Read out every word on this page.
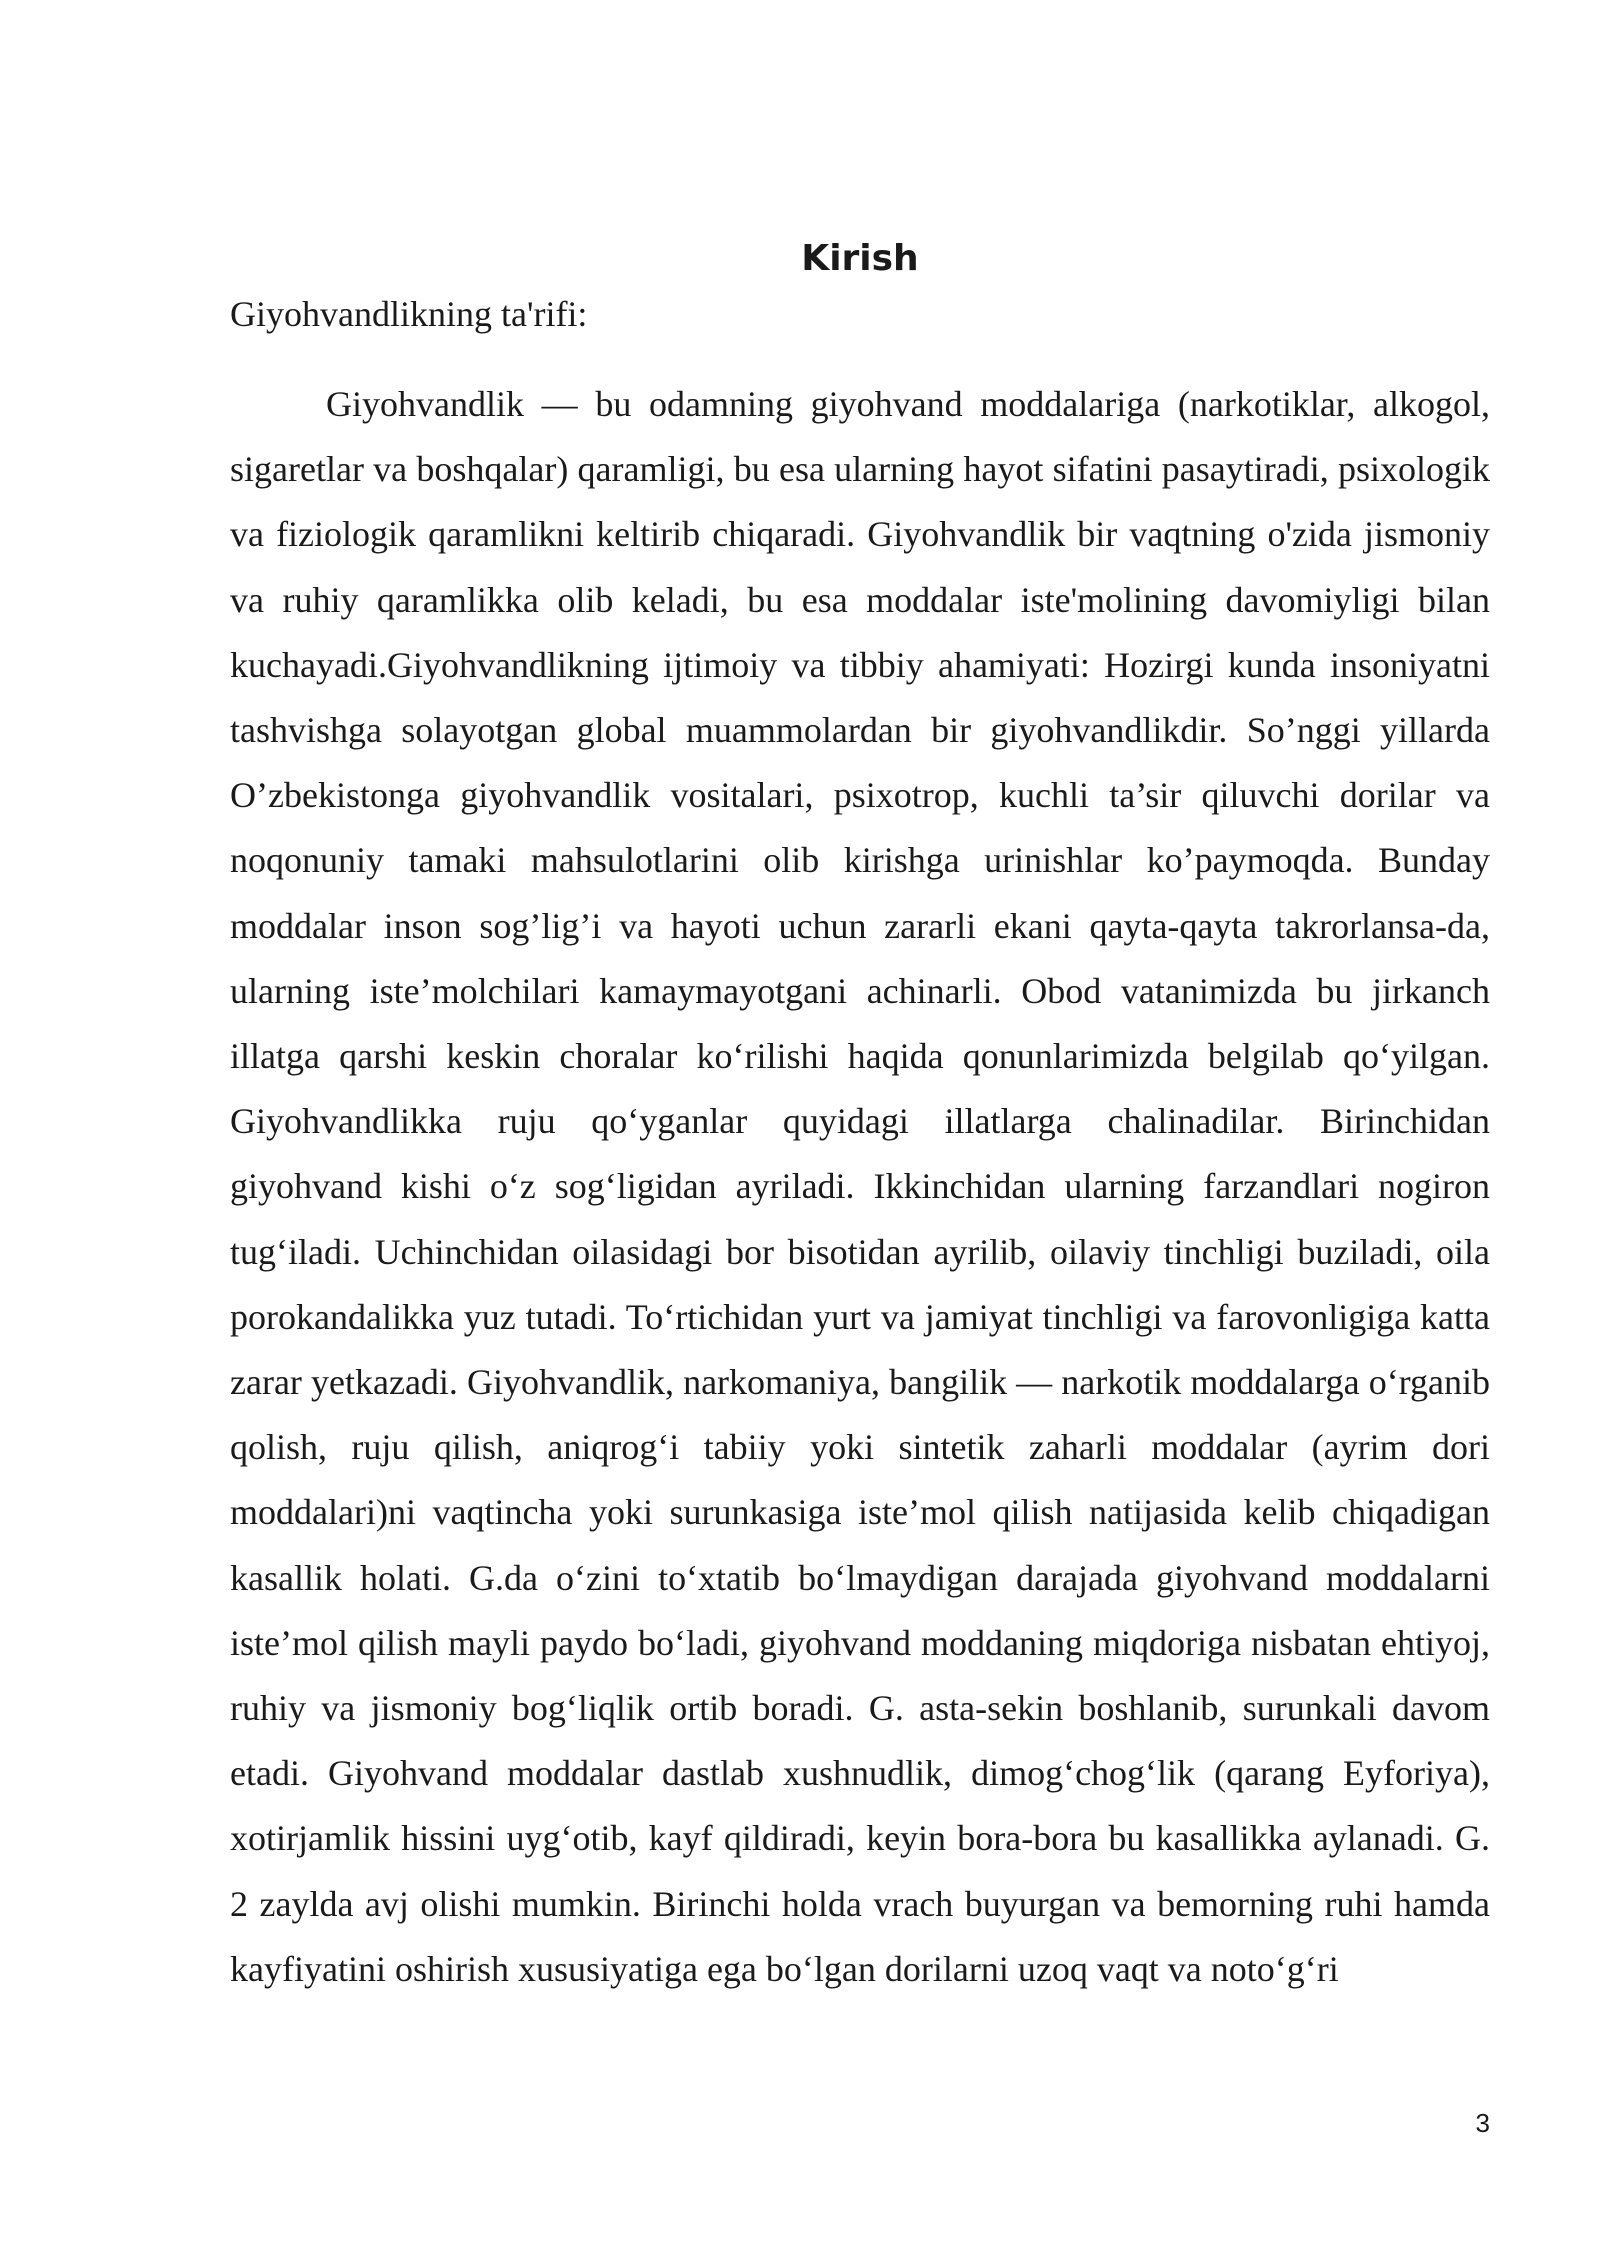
Kirish
Giyohvandlikning ta'rifi:

Giyohvandlik — bu odamning giyohvand moddalariga (narkotiklar, alkogol, sigaretlar va boshqalar) qaramligi, bu esa ularning hayot sifatini pasaytiradi, psixologik va fiziologik qaramlikni keltirib chiqaradi. Giyohvandlik bir vaqtning o'zida jismoniy va ruhiy qaramlikka olib keladi, bu esa moddalar iste'molining davomiyligi bilan kuchayadi.Giyohvandlikning ijtimoiy va tibbiy ahamiyati: Hozirgi kunda insoniyatni tashvishga solayotgan global muammolardan bir giyohvandlikdir. So’nggi yillarda O’zbekistonga giyohvandlik vositalari, psixotrop, kuchli ta’sir qiluvchi dorilar va noqonuniy tamaki mahsulotlarini olib kirishga urinishlar ko’paymoqda. Bunday moddalar inson sog’lig’i va hayoti uchun zararli ekani qayta-qayta takrorlansa-da, ularning iste’molchilari kamaymayotgani achinarli. Obod vatanimizda bu jirkanch illatga qarshi keskin choralar koʻrilishi haqida qonunlarimizda belgilab qoʻyilgan. Giyohvandlikka ruju qoʻyganlar quyidagi illatlarga chalinadilar. Birinchidan giyohvand kishi oʻz sogʻligidan ayriladi. Ikkinchidan ularning farzandlari nogiron tugʻiladi. Uchinchidan oilasidagi bor bisotidan ayrilib, oilaviy tinchligi buziladi, oila porokandalikka yuz tutadi. Toʻrtichidan yurt va jamiyat tinchligi va farovonligiga katta zarar yetkazadi. Giyohvandlik, narkomaniya, bangilik — narkotik moddalarga oʻrganib qolish, ruju qilish, aniqrogʻi tabiiy yoki sintetik zaharli moddalar (ayrim dori moddalari)ni vaqtincha yoki surunkasiga iste’mol qilish natijasida kelib chiqadigan kasallik holati. G.da oʻzini toʻxtatib boʻlmaydigan darajada giyohvand moddalarni iste’mol qilish mayli paydo boʻladi, giyohvand moddaning miqdoriga nisbatan ehtiyoj, ruhiy va jismoniy bogʻliqlik ortib boradi. G. asta-sekin boshlanib, surunkali davom etadi. Giyohvand moddalar dastlab xushnudlik, dimogʻchogʻlik (qarang Eyforiya), xotirjamlik hissini uygʻotib, kayf qildiradi, keyin bora-bora bu kasallikka aylanadi. G. 2 zaylda avj olishi mumkin. Birinchi holda vrach buyurgan va bemorning ruhi hamda kayfiyatini oshirish xususiyatiga ega boʻlgan dorilarni uzoq vaqt va notoʻgʻri

3
